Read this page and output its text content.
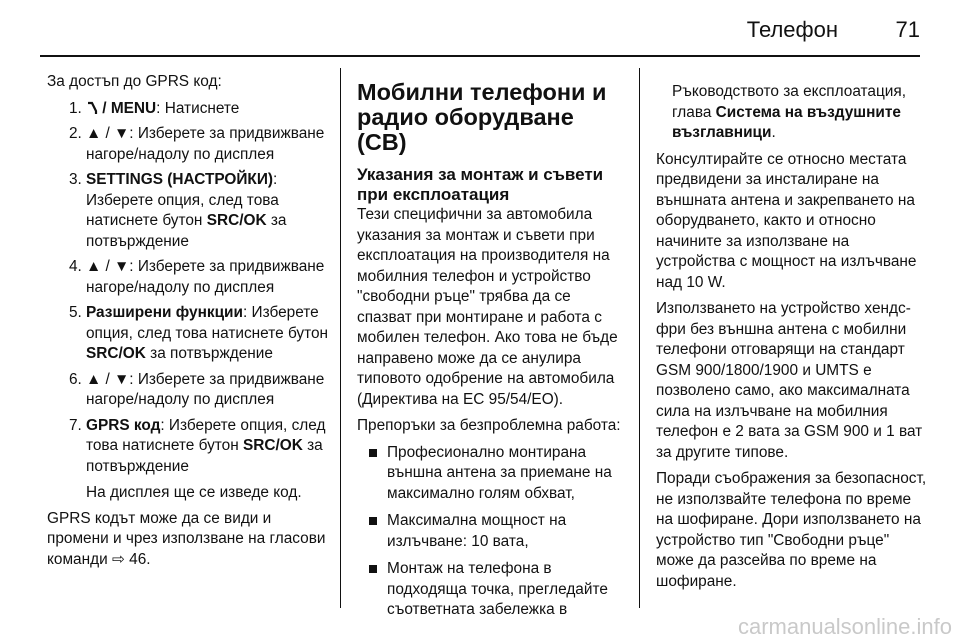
Телефон	71

За достъп до GPRS код:

1. / MENU: Натиснете
2. ▲ / ▼: Изберете за придвижване нагоре/надолу по дисплея
3. SETTINGS (НАСТРОЙКИ): Изберете опция, след това натиснете бутон SRC/OK за потвърждение
4. ▲ / ▼: Изберете за придвижване нагоре/надолу по дисплея
5. Разширени функции: Изберете опция, след това натиснете бутон SRC/OK за потвърждение
6. ▲ / ▼: Изберете за придвижване нагоре/надолу по дисплея
7. GPRS код: Изберете опция, след това натиснете бутон SRC/OK за потвърждение
На дисплея ще се изведе код.

GPRS кодът може да се види и промени и чрез използване на гласови команди ⇨ 46.

Мобилни телефони и радио оборудване (CB)
Указания за монтаж и съвети при експлоатация

Тези специфични за автомобила указания за монтаж и съвети при експлоатация на производителя на мобилния телефон и устройство "свободни ръце" трябва да се спазват при монтиране и работа с мобилен телефон. Ако това не бъде направено може да се анулира типовото одобрение на автомобила (Директива на ЕС 95/54/ЕО).

Препоръки за безпроблемна работа:

Професионално монтирана външна антена за приемане на максимално голям обхват,
Максимална мощност на излъчване: 10 вата,
Монтаж на телефона в подходяща точка, прегледайте съответната забележка в

Ръководството за експлоатация, глава Система на въздушните възглавници.

Консултирайте се относно местата предвидени за инсталиране на външната антена и закрепването на оборудването, както и относно начините за използване на устройства с мощност на излъчване над 10 W.

Използването на устройство хендс-фри без външна антена с мобилни телефони отговарящи на стандарт GSM 900/1800/1900 и UMTS е позволено само, ако максималната сила на излъчване на мобилния телефон е 2 вата за GSM 900 и 1 ват за другите типове.

Поради съображения за безопасност, не използвайте телефона по време на шофиране. Дори използването на устройство тип "Свободни ръце" може да разсейва по време на шофиране.

carmanualsonline.info
